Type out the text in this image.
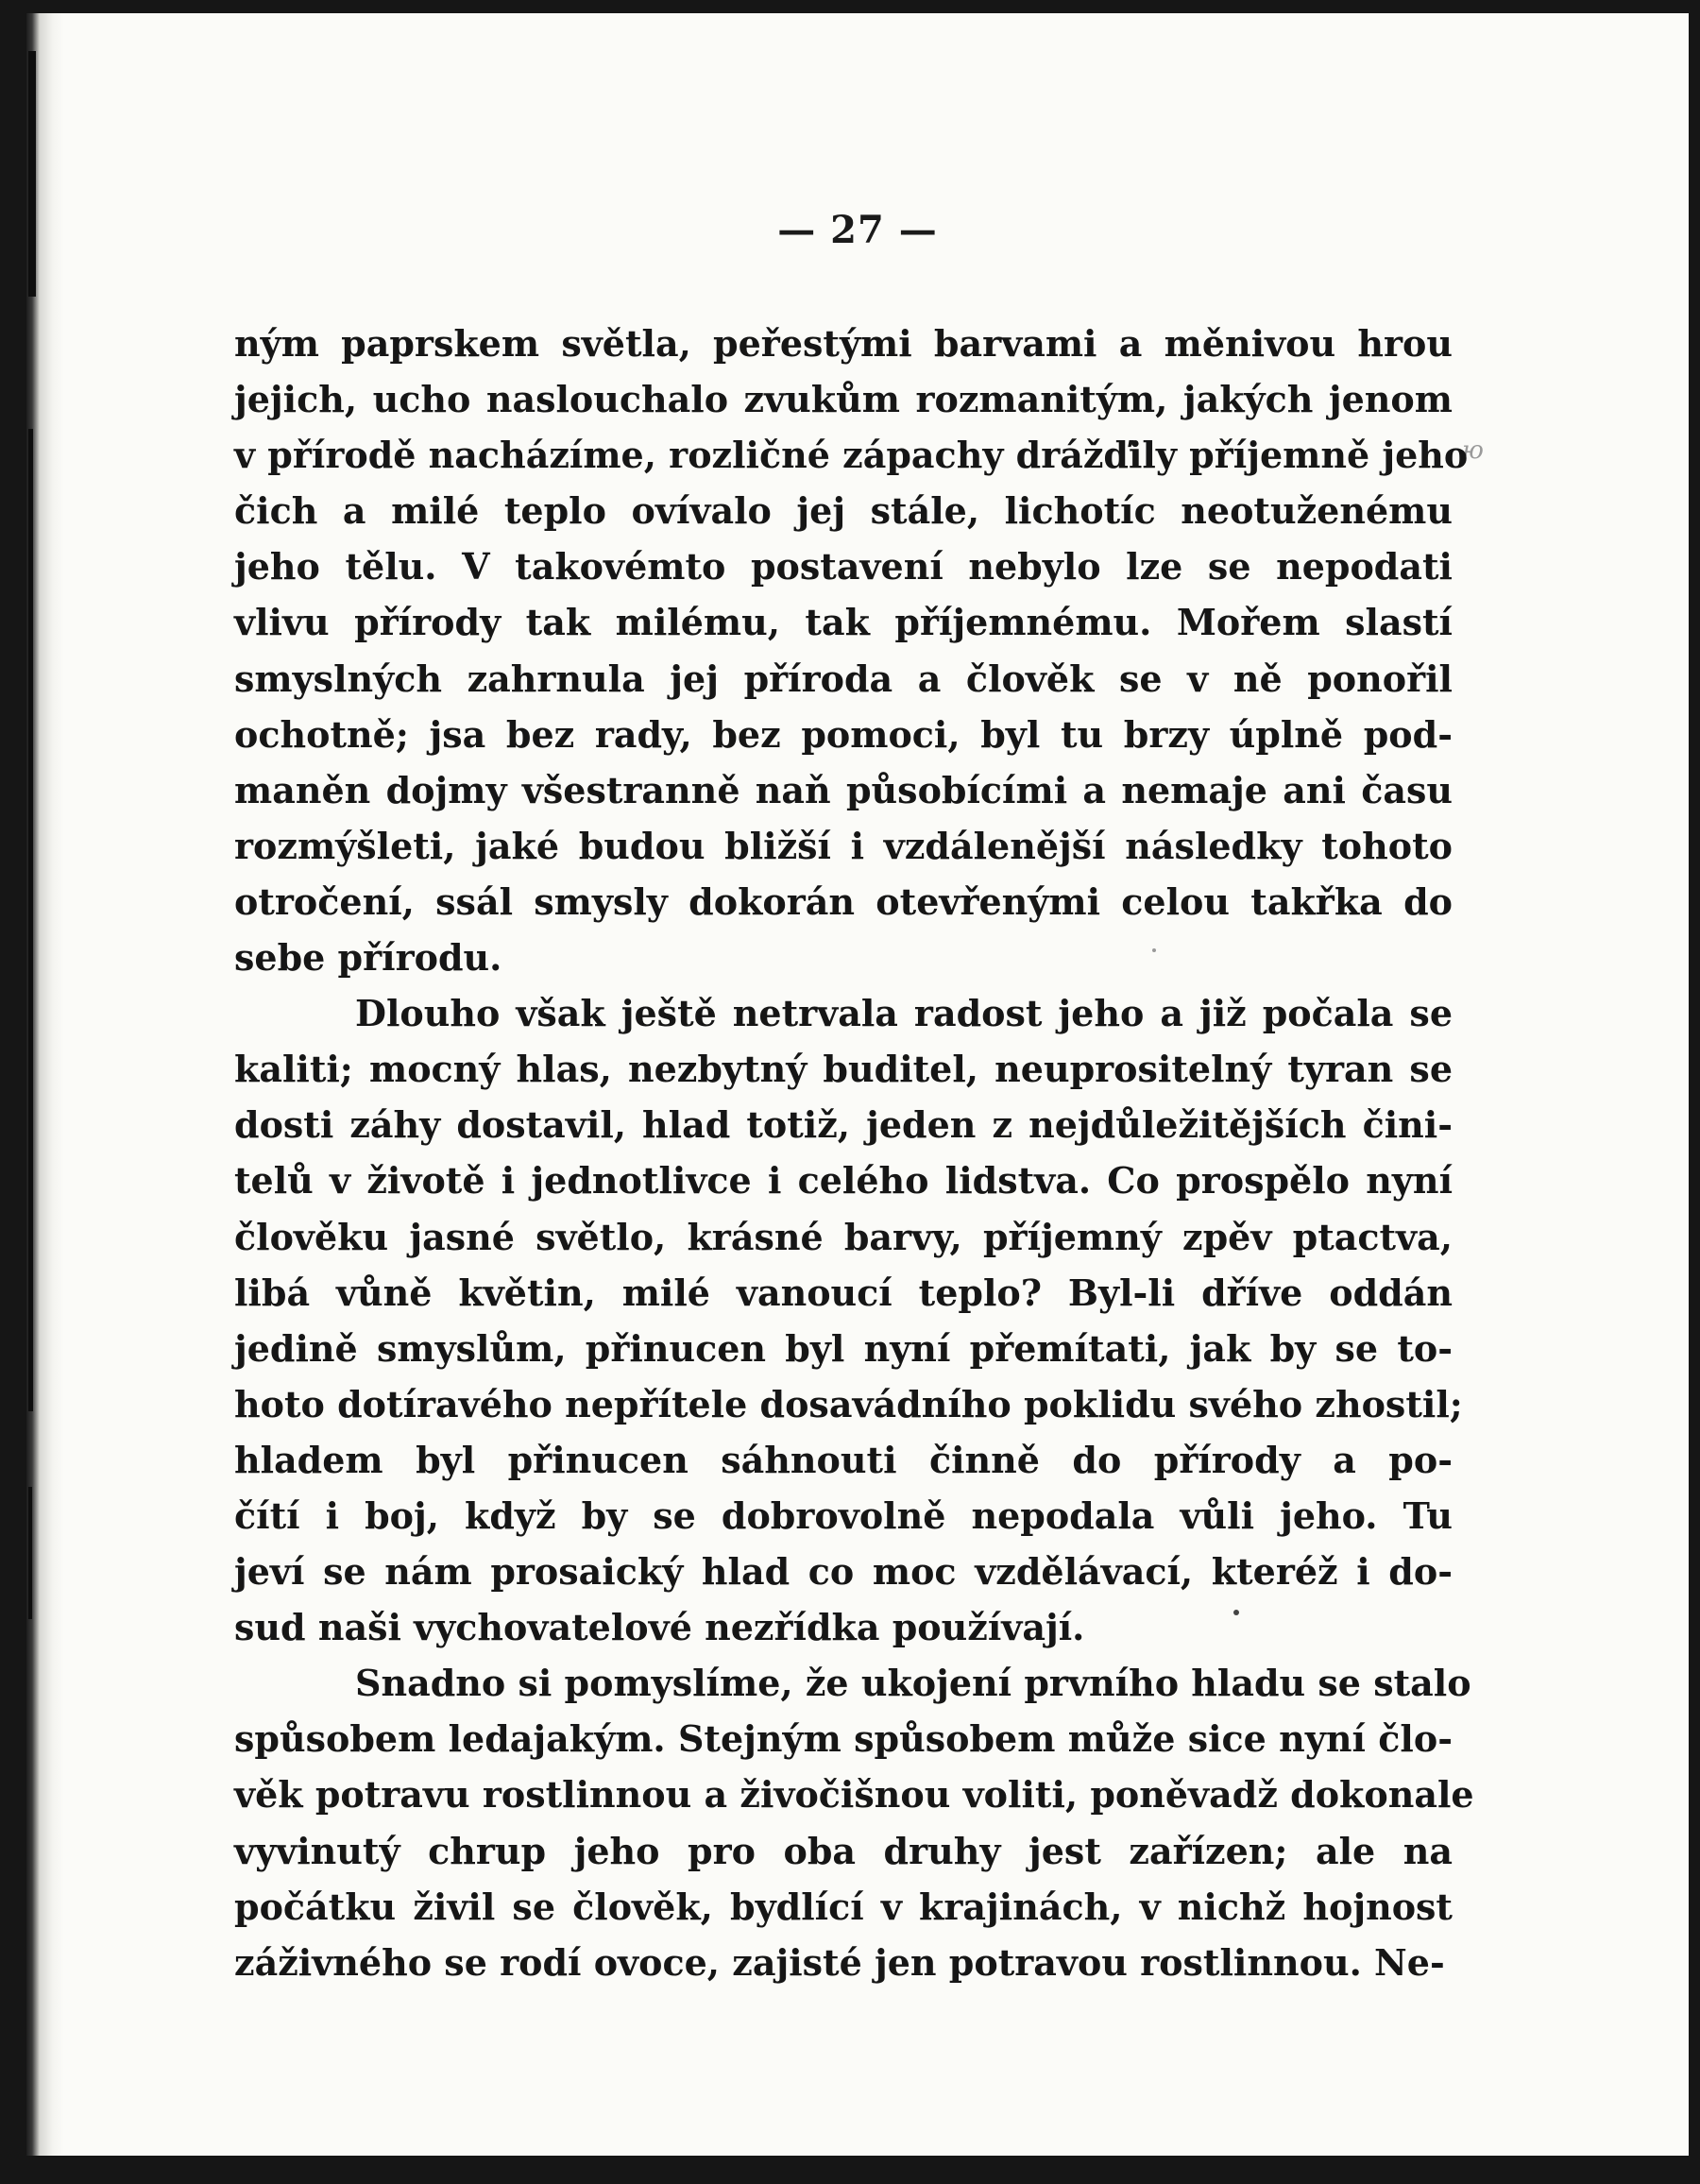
— 27 —
ю
ným paprskem světla, peřestými barvami a měnivou hrou
jejich, ucho naslouchalo zvukům rozmanitým, jakých jenom
v přírodě nacházíme, rozličné zápachy drážďily příjemně jeho
čich a milé teplo ovívalo jej stále, lichotíc neotuženému
jeho tělu. V takovémto postavení nebylo lze se nepodati
vlivu přírody tak milému, tak příjemnému. Mořem slastí
smyslných zahrnula jej příroda a člověk se v ně ponořil
ochotně; jsa bez rady, bez pomoci, byl tu brzy úplně pod-
maněn dojmy všestranně naň působícími a nemaje ani času
rozmýšleti, jaké budou bližší i vzdálenější následky tohoto
otročení, ssál smysly dokorán otevřenými celou takřka do
sebe přírodu.
Dlouho však ještě netrvala radost jeho a již počala se
kaliti; mocný hlas, nezbytný buditel, neuprositelný tyran se
dosti záhy dostavil, hlad totiž, jeden z nejdůležitějších čini-
telů v životě i jednotlivce i celého lidstva. Co prospělo nyní
člověku jasné světlo, krásné barvy, příjemný zpěv ptactva,
libá vůně květin, milé vanoucí teplo? Byl-li dříve oddán
jedině smyslům, přinucen byl nyní přemítati, jak by se to-
hoto dotíravého nepřítele dosavádního poklidu svého zhostil;
hladem byl přinucen sáhnouti činně do přírody a po-
čítí i boj, když by se dobrovolně nepodala vůli jeho. Tu
jeví se nám prosaický hlad co moc vzdělávací, kteréž i do-
sud naši vychovatelové nezřídka používají.
Snadno si pomyslíme, že ukojení prvního hladu se stalo
spůsobem ledajakým. Stejným spůsobem může sice nyní člo-
věk potravu rostlinnou a živočišnou voliti, poněvadž dokonale
vyvinutý chrup jeho pro oba druhy jest zařízen; ale na
počátku živil se člověk, bydlící v krajinách, v nichž hojnost
záživného se rodí ovoce, zajisté jen potravou rostlinnou. Ne-
